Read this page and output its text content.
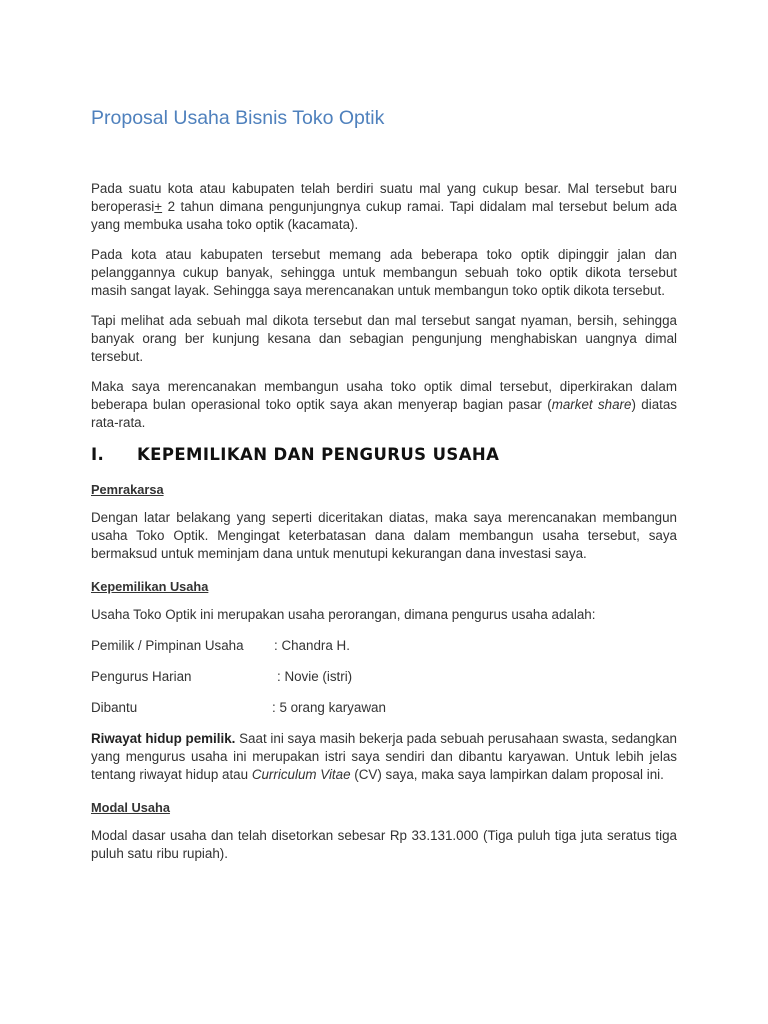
Proposal Usaha Bisnis Toko Optik

Pada suatu kota atau kabupaten telah berdiri suatu mal yang cukup besar. Mal tersebut baru beroperasi+ 2 tahun dimana pengunjungnya cukup ramai. Tapi didalam mal tersebut belum ada yang membuka usaha toko optik (kacamata).

Pada kota atau kabupaten tersebut memang ada beberapa toko optik dipinggir jalan dan pelanggannya cukup banyak, sehingga untuk membangun sebuah toko optik dikota tersebut masih sangat layak. Sehingga saya merencanakan untuk membangun toko optik dikota tersebut.

Tapi melihat ada sebuah mal dikota tersebut dan mal tersebut sangat nyaman, bersih, sehingga banyak orang ber kunjung kesana dan sebagian pengunjung menghabiskan uangnya dimal tersebut.

Maka saya merencanakan membangun usaha toko optik dimal tersebut, diperkirakan dalam beberapa bulan operasional toko optik saya akan menyerap bagian pasar (market share) diatas rata-rata.

I. KEPEMILIKAN DAN PENGURUS USAHA
Pemrakarsa

Dengan latar belakang yang seperti diceritakan diatas, maka saya merencanakan membangun usaha Toko Optik. Mengingat keterbatasan dana dalam membangun usaha tersebut, saya bermaksud untuk meminjam dana untuk menutupi kekurangan dana investasi saya.

Kepemilikan Usaha

Usaha Toko Optik ini merupakan usaha perorangan, dimana pengurus usaha adalah:

Pemilik / Pimpinan Usaha	: Chandra H.
Pengurus Harian	: Novie (istri)
Dibantu	: 5 orang karyawan

Riwayat hidup pemilik. Saat ini saya masih bekerja pada sebuah perusahaan swasta, sedangkan yang mengurus usaha ini merupakan istri saya sendiri dan dibantu karyawan. Untuk lebih jelas tentang riwayat hidup atau Curriculum Vitae (CV) saya, maka saya lampirkan dalam proposal ini.

Modal Usaha

Modal dasar usaha dan telah disetorkan sebesar Rp 33.131.000 (Tiga puluh tiga juta seratus tiga puluh satu ribu rupiah).
